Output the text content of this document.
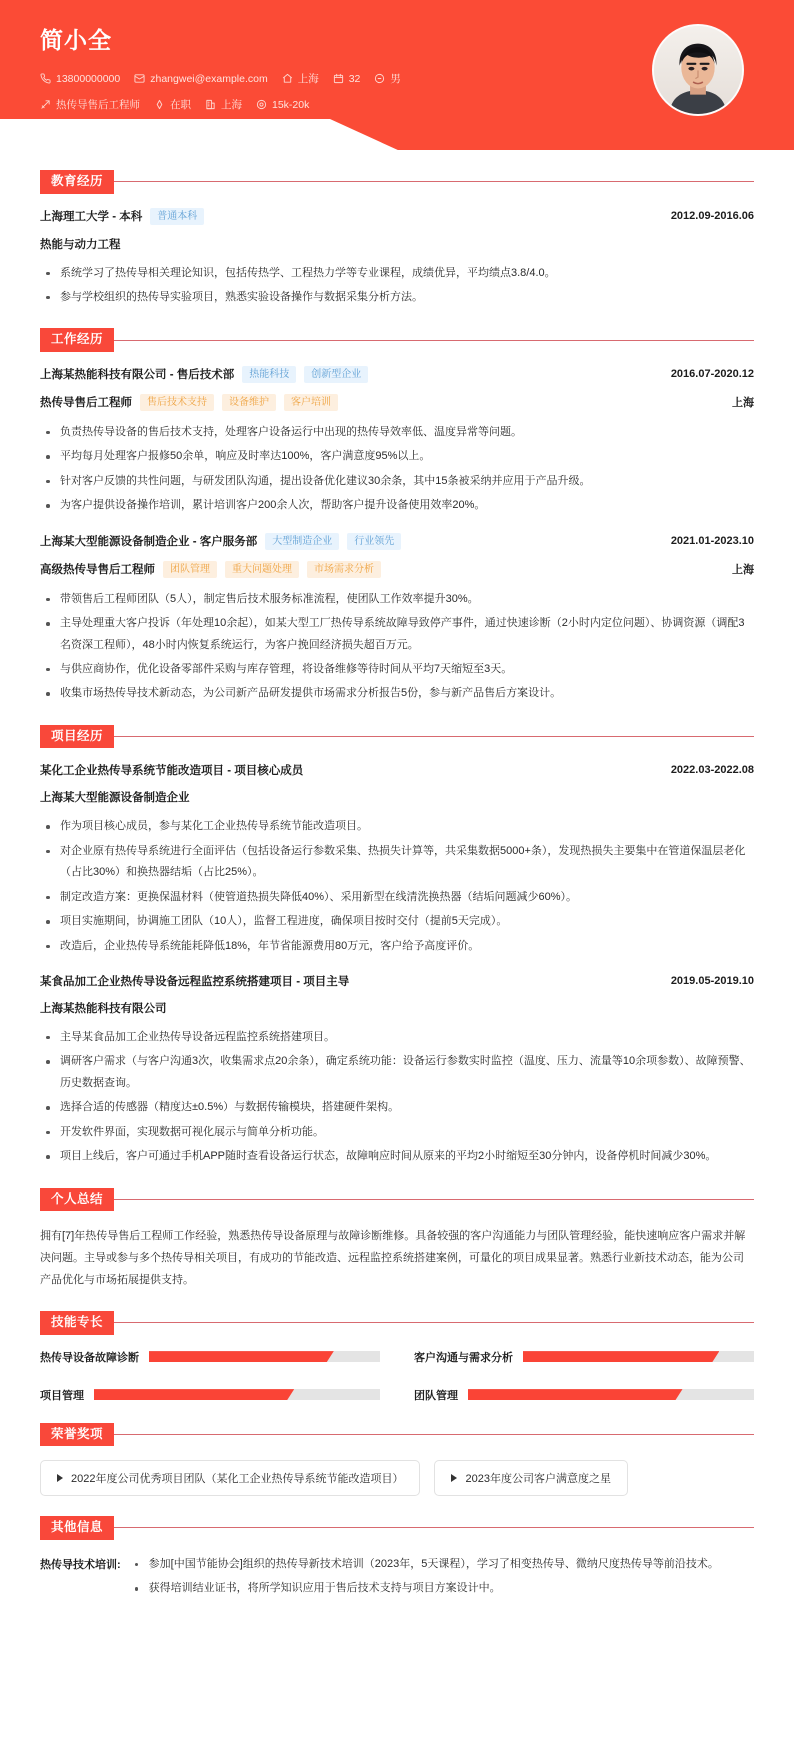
简小全
13800000000	zhangwei@example.com	上海	32	男
热传导售后工程师	在职	上海	15k-20k
教育经历
上海理工大学 - 本科	普通本科	2012.09-2016.06
热能与动力工程
系统学习了热传导相关理论知识，包括传热学、工程热力学等专业课程，成绩优异，平均绩点3.8/4.0。
参与学校组织的热传导实验项目，熟悉实验设备操作与数据采集分析方法。
工作经历
上海某热能科技有限公司 - 售后技术部	热能科技	创新型企业	2016.07-2020.12
热传导售后工程师	售后技术支持	设备维护	客户培训	上海
负责热传导设备的售后技术支持，处理客户设备运行中出现的热传导效率低、温度异常等问题。
平均每月处理客户报修50余单，响应及时率达100%，客户满意度95%以上。
针对客户反馈的共性问题，与研发团队沟通，提出设备优化建议30余条，其中15条被采纳并应用于产品升级。
为客户提供设备操作培训，累计培训客户200余人次，帮助客户提升设备使用效率20%。
上海某大型能源设备制造企业 - 客户服务部	大型制造企业	行业领先	2021.01-2023.10
高级热传导售后工程师	团队管理	重大问题处理	市场需求分析	上海
带领售后工程师团队（5人），制定售后技术服务标准流程，使团队工作效率提升30%。
主导处理重大客户投诉（年处理10余起），如某大型工厂热传导系统故障导致停产事件，通过快速诊断（2小时内定位问题）、协调资源（调配3名资深工程师），48小时内恢复系统运行，为客户挽回经济损失超百万元。
与供应商协作，优化设备零部件采购与库存管理，将设备维修等待时间从平均7天缩短至3天。
收集市场热传导技术新动态，为公司新产品研发提供市场需求分析报告5份，参与新产品售后方案设计。
项目经历
某化工企业热传导系统节能改造项目 - 项目核心成员	2022.03-2022.08
上海某大型能源设备制造企业
作为项目核心成员，参与某化工企业热传导系统节能改造项目。
对企业原有热传导系统进行全面评估（包括设备运行参数采集、热损失计算等，共采集数据5000+条），发现热损失主要集中在管道保温层老化（占比30%）和换热器结垢（占比25%）。
制定改造方案：更换保温材料（使管道热损失降低40%）、采用新型在线清洗换热器（结垢问题减少60%）。
项目实施期间，协调施工团队（10人），监督工程进度，确保项目按时交付（提前5天完成）。
改造后，企业热传导系统能耗降低18%，年节省能源费用80万元，客户给予高度评价。
某食品加工企业热传导设备远程监控系统搭建项目 - 项目主导	2019.05-2019.10
上海某热能科技有限公司
主导某食品加工企业热传导设备远程监控系统搭建项目。
调研客户需求（与客户沟通3次，收集需求点20余条），确定系统功能：设备运行参数实时监控（温度、压力、流量等10余项参数）、故障预警、历史数据查询。
选择合适的传感器（精度达±0.5%）与数据传输模块，搭建硬件架构。
开发软件界面，实现数据可视化展示与简单分析功能。
项目上线后，客户可通过手机APP随时查看设备运行状态，故障响应时间从原来的平均2小时缩短至30分钟内，设备停机时间减少30%。
个人总结
拥有[7]年热传导售后工程师工作经验，熟悉热传导设备原理与故障诊断维修。具备较强的客户沟通能力与团队管理经验，能快速响应客户需求并解决问题。主导或参与多个热传导相关项目，有成功的节能改造、远程监控系统搭建案例，可量化的项目成果显著。熟悉行业新技术动态，能为公司产品优化与市场拓展提供支持。
技能专长
热传导设备故障诊断	客户沟通与需求分析
项目管理	团队管理
荣誉奖项
2022年度公司优秀项目团队（某化工企业热传导系统节能改造项目）	2023年度公司客户满意度之星
其他信息
热传导技术培训:	参加[中国节能协会]组织的热传导新技术培训（2023年，5天课程），学习了相变热传导、微纳尺度热传导等前沿技术。
获得培训结业证书，将所学知识应用于售后技术支持与项目方案设计中。
